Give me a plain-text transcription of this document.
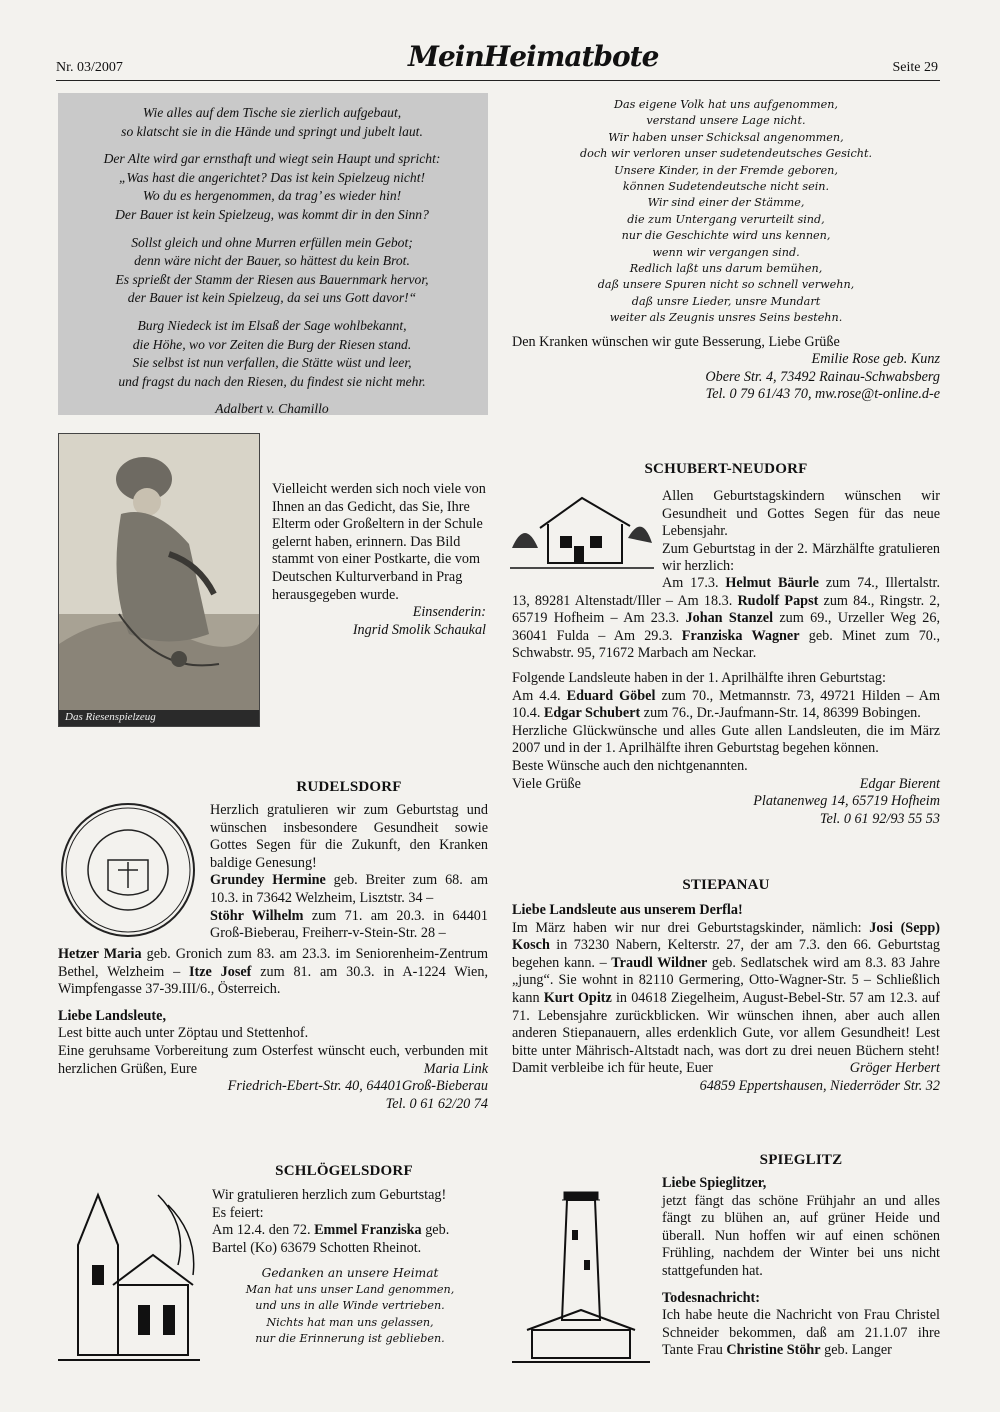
Nr. 03/2007	MeinHeimatbote	Seite 29

Wie alles auf dem Tische sie zierlich aufgebaut,

so klatscht sie in die Hände und springt und jubelt laut.

Der Alte wird gar ernsthaft und wiegt sein Haupt und spricht:

„Was hast die angerichtet? Das ist kein Spielzeug nicht!

Wo du es hergenommen, da trag’ es wieder hin!

Der Bauer ist kein Spielzeug, was kommt dir in den Sinn?

Sollst gleich und ohne Murren erfüllen mein Gebot;

denn wäre nicht der Bauer, so hättest du kein Brot.

Es sprießt der Stamm der Riesen aus Bauernmark hervor,

der Bauer ist kein Spielzeug, da sei uns Gott davor!“

Burg Niedeck ist im Elsaß der Sage wohlbekannt,

die Höhe, wo vor Zeiten die Burg der Riesen stand.

Sie selbst ist nun verfallen, die Stätte wüst und leer,

und fragst du nach den Riesen, du findest sie nicht mehr.

Adalbert v. Chamillo

Das Riesenspielzeug

Vielleicht werden sich noch viele von Ihnen an das Gedicht, das Sie, Ihre Elterm oder Großeltern in der Schule gelernt haben, erinnern. Das Bild stammt von einer Postkarte, die vom Deutschen Kulturverband in Prag herausgegeben wurde.

Einsenderin:

Ingrid Smolik Schaukal

RUDELSDORF

Herzlich gratulieren wir zum Geburtstag und wünschen insbesondere Gesundheit sowie Gottes Segen für die Zukunft, den Kranken baldige Genesung!

Grundey Hermine geb. Breiter zum 68. am 10.3. in 73642 Welzheim, Lisztstr. 34 –

Stöhr Wilhelm zum 71. am 20.3. in 64401 Groß-Bieberau, Freiherr-v-Stein-Str. 28 –

Hetzer Maria geb. Gronich zum 83. am 23.3. im Seniorenheim-Zentrum Bethel, Welzheim – Itze Josef zum 81. am 30.3. in A-1224 Wien, Wimpfengasse 37-39.III/6., Österreich.

Liebe Landsleute,

Lest bitte auch unter Zöptau und Stettenhof.

Eine geruhsame Vorbereitung zum Osterfest wünscht euch, verbunden mit herzlichen Grüßen, Eure	Maria Link

Friedrich-Ebert-Str. 40, 64401Groß-Bieberau

Tel. 0 61 62/20 74

SCHLÖGELSDORF

Wir gratulieren herzlich zum Geburtstag!

Es feiert:

Am 12.4. den 72. Emmel Franziska geb.

Bartel (Ko) 63679 Schotten Rheinot.

Gedanken an unsere Heimat

Man hat uns unser Land genommen,

und uns in alle Winde vertrieben.

Nichts hat man uns gelassen,

nur die Erinnerung ist geblieben.

Das eigene Volk hat uns aufgenommen,

verstand unsere Lage nicht.

Wir haben unser Schicksal angenommen,

doch wir verloren unser sudetendeutsches Gesicht.

Unsere Kinder, in der Fremde geboren,

können Sudetendeutsche nicht sein.

Wir sind einer der Stämme,

die zum Untergang verurteilt sind,

nur die Geschichte wird uns kennen,

wenn wir vergangen sind.

Redlich laßt uns darum bemühen,

daß unsere Spuren nicht so schnell verwehn,

daß unsre Lieder, unsre Mundart

weiter als Zeugnis unsres Seins bestehn.

Den Kranken wünschen wir gute Besserung, Liebe Grüße

Emilie Rose geb. Kunz

Obere Str. 4, 73492 Rainau-Schwabsberg

Tel. 0 79 61/43 70, mw.rose@t-online.d-e

SCHUBERT-NEUDORF

Allen Geburtstagskindern wünschen wir Gesundheit und Gottes Segen für das neue Lebensjahr.

Zum Geburtstag in der 2. Märzhälfte gratulieren wir herzlich:

Am 17.3. Helmut Bäurle zum 74., Illertalstr. 13, 89281 Altenstadt/Iller – Am 18.3. Rudolf Papst zum 84., Ringstr. 2, 65719 Hofheim – Am 23.3. Johan Stanzel zum 69., Urzeller Weg 26, 36041 Fulda – Am 29.3. Franziska Wagner geb. Minet zum 70., Schwabstr. 95, 71672 Marbach am Neckar.

Folgende Landsleute haben in der 1. Aprilhälfte ihren Geburtstag:

Am 4.4. Eduard Göbel zum 70., Metmannstr. 73, 49721 Hilden – Am 10.4. Edgar Schubert zum 76., Dr.-Jaufmann-Str. 14, 86399 Bobingen.

Herzliche Glückwünsche und alles Gute allen Landsleuten, die im März 2007 und in der 1. Aprilhälfte ihren Geburtstag begehen können.

Beste Wünsche auch den nichtgenannten.

Viele Grüße	Edgar Bierent

Platanenweg 14, 65719 Hofheim

Tel. 0 61 92/93 55 53

STIEPANAU

Liebe Landsleute aus unserem Derfla!

Im März haben wir nur drei Geburtstagskinder, nämlich: Josi (Sepp) Kosch in 73230 Nabern, Kelterstr. 27, der am 7.3. den 66. Geburtstag begehen kann. – Traudl Wildner geb. Sedlatschek wird am 8.3. 83 Jahre „jung“. Sie wohnt in 82110 Germering, Otto-Wagner-Str. 5 – Schließlich kann Kurt Opitz in 04618 Ziegelheim, August-Bebel-Str. 57 am 12.3. auf 71. Lebensjahre zurückblicken. Wir wünschen ihnen, aber auch allen anderen Stiepanauern, alles erdenklich Gute, vor allem Gesundheit! Lest bitte unter Mährisch-Altstadt nach, was dort zu drei neuen Büchern steht! Damit verbleibe ich für heute, Euer	Gröger Herbert

64859 Eppertshausen, Niederröder Str. 32

SPIEGLITZ

Liebe Spieglitzer,

jetzt fängt das schöne Frühjahr an und alles fängt zu blühen an, auf grüner Heide und überall. Nun hoffen wir auf einen schönen Frühling, nachdem der Winter bei uns nicht stattgefunden hat.

Todesnachricht:

Ich habe heute die Nachricht von Frau Christel Schneider bekommen, daß am 21.1.07 ihre Tante Frau Christine Stöhr geb. Langer
